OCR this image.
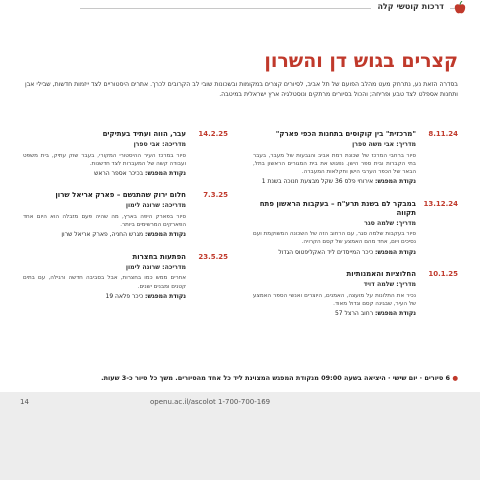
דרכות קוטשי קלה
קצרים בגוש דן והשרון

בסדרה הזאת נע, נתרחק מעט מהלב הפועם של תל אביב, לסיורים קצרים במקומות ובשכונות שובי לב הקרובים לכרך. אתרים היסטוריים לצד ייזמות חדשות, שבילי אבן ותחנות אספלט לצד טבע ופריחה; והכול בסיורים מרתקים ונוסטלגיה ארץ ישראלית במיטבה.

8.11.24

"מרכזית" בין קוקוסים בתחנות הכפי פארק"

מדריך: אבי משה ספרן

סיור ברחבי המרכז של שכונת רמת אביב והגבעות של מעבר, בעבר בתי הקברות ובית ספר הישן. נפגוש את בית המגורים הראשון בתל, הבאר של הכפר הערבי הישן וחקלאות המעברה.

נקודת המפגש: אירוחי פלס 36 שקל מבצעת חנוכה בשנת 1

13.12.24

במבקר לם בשנת תרע"ח – בעקבות הראשון פתח תקווה

מדריך: שלמה סגר

סיור בעקבות שלמה סגר, עם הרחוב הזה של השכונה המשוקמת ועם נסיכים ויום, אחד מהם האמצע של קסם הקרויה.

נקודת המפגש: כיכר המייסדים ליד האקליפטוס הגדול

10.1.25

החלוציות והאמנותיות

מדריך: שלמה דויד

נכיר את התלונות על מועצה, האמנים, היוצרים ואנשי הספר האמצע של העיר, שבגינה קסם וגדול מאוד.

נקודת המפגש: רחוב הרצל 57

14.2.25

עבר, הווה ועתיד בעתיקים

מדריכה: אבי ספרן

סיור במרכז העיר ההיסטורי המקורי, בעבר שוק עתיק, בית משפט ועבודה קשה של המעברות לצד חדשנות.

נקודת המפגש: בכיכר אספר הראש

7.3.25

חלום ירוק שהתגשם – פארק אריאל שרון

מדריכה: שרונה לימון

סיור בפארק היפה בארץ, מה שהיה פעם מזבלה הוא היום אחד הפארקים המרשימים ביותר.

נקודת המפגש: מגרש החניה, פארק אריאל שרון

23.5.25

הפתעות בחצרות

מדריכה: שרונה לימון

אחרים ממש כמו בחצרות, אבל בסביבה חדשה ורגילה, עם בתים קטנים ומבנים ישנים.

נקודת המפגש: כיכר פלאה 19

● 6 סיורים · יום שישי · היציאה בשעה 09:00 מנקודת המפגש המצוינת ליד כל אחד מהסיורים. משך כל סיור כ-3 שעות.

14	openu.ac.il/ascolot 1-700-700-169
